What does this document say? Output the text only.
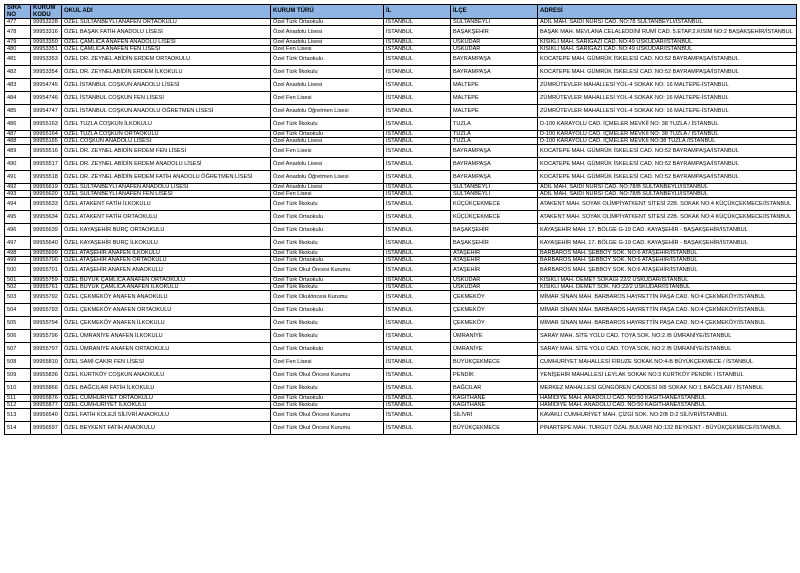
SIRA NO	KURUM KODU	OKUL ADI	KURUM TÜRÜ	İL	İLÇE	ADRESİ
477	99953228	ÖZEL SULTANBEYLİ ANAFEN ORTAOKULU	Özel Türk Ortaokulu	İSTANBUL	SULTANBEYLİ	ADİL MAH. SAİDİ NURSİ CAD. NO:78 SULTANBEYLİ/İSTANBUL
478	99953316	ÖZEL BAŞAK FATİH ANADOLU LİSESİ	Özel Anadolu Lisesi	İSTANBUL	BAŞAKŞEHİR	BAŞAK MAH. MEVLANA CELALEDDİNİ RUMİ CAD. 5.ETAP.2.KISIM NO:2 BAŞAKŞEHİR/İSTANBUL
479	99953350	ÖZEL ÇAMLICA ANAFEN ANADOLU LİSESİ	Özel Anadolu Lisesi	İSTANBUL	ÜSKÜDAR	KISIKLI MAH. SARIGAZİ CAD. NO:49 ÜSKÜDAR/İSTANBUL
480	99953351	ÖZEL ÇAMLICA ANAFEN FEN LİSESİ	Özel Fen Lisesi	İSTANBUL	ÜSKÜDAR	KISIKLI MAH. SARIGAZİ CAD. NO:49 ÜSKÜDAR/İSTANBUL
481	99953353	ÖZEL DR. ZEYNEL ABİDİN ERDEM ORTAOKULU	Özel Türk Ortaokulu	İSTANBUL	BAYRAMPAŞA	KOCATEPE MAH. GÜMRÜK İSKELESİ CAD. NO:52 BAYRAMPAŞA/İSTANBUL
482	99953354	ÖZEL DR. ZEYNELABİDİN ERDEM İLKOKULU	Özel Türk İlkokulu	İSTANBUL	BAYRAMPAŞA	KOCATEPE MAH. GÜMRÜK İSKELESİ CAD. NO:52 BAYRAMPAŞA/İSTANBUL
483	99954745	ÖZEL İSTANBUL COŞKUN ANADOLU LİSESİ	Özel Anadolu Lisesi	İSTANBUL	MALTEPE	ZÜMRÜTEVLER MAHALLESİ YOL-4 SOKAK NO: 16 MALTEPE-İSTANBUL
484	99954746	ÖZEL İSTANBUL COŞKUN FEN LİSESİ	Özel Fen Lisesi	İSTANBUL	MALTEPE	ZÜMRÜTEVLER MAHALLESİ YOL-4 SOKAK NO: 16 MALTEPE-İSTANBUL
485	99954747	ÖZEL İSTANBUL COŞKUN ANADOLU ÖĞRETMEN LİSESİ	Özel Anadolu Öğretmen Lisesi	İSTANBUL	MALTEPE	ZÜMRÜTEVLER MAHALLESİ YOL-4 SOKAK NO: 16 MALTEPE-İSTANBUL
486	99955163	ÖZEL TUZLA COŞKUN İLKOKULU	Özel Türk İlkokulu	İSTANBUL	TUZLA	D-100 KARAYOLU CAD. İÇMELER MEVKİİ NO: 38 TUZLA / İSTANBUL
487	99955164	ÖZEL TUZLA COŞKUN ORTAOKULU	Özel Türk Ortaokulu	İSTANBUL	TUZLA	D-100 KARAYOLU CAD. İÇMELER MEVKİİ NO: 38 TUZLA / İSTANBUL
488	99955165	ÖZEL COŞKUN ANADOLU LİSESİ	Özel Anadolu Lisesi	İSTANBUL	TUZLA	D-100 KARAYOLU CAD. İÇMELER MEVKİİ NO:38 TUZLA /İSTANBUL
489	99955516	ÖZEL DR. ZEYNEL ABİDİN ERDEM FEN LİSESİ	Özel Fen Lisesi	İSTANBUL	BAYRAMPAŞA	KOCATEPE MAH. GÜMRÜK İSKELESİ CAD. NO:52 BAYRAMPAŞA/İSTANBUL
490	99955517	ÖZEL DR. ZEYNEL ABİDİN ERDEM ANADOLU LİSESİ	Özel Anadolu Lisesi	İSTANBUL	BAYRAMPAŞA	KOCATEPE MAH. GÜMRÜK İSKELESİ CAD. NO:52 BAYRAMPAŞA/İSTANBUL
491	99955518	ÖZEL DR. ZEYNEL ABİDİN ERDEM FATİH ANADOLU ÖĞRETMEN LİSESİ	Özel Anadolu Öğretmen Lisesi	İSTANBUL	BAYRAMPAŞA	KOCATEPE MAH. GÜMRÜK İSKELESİ CAD. NO:52 BAYRAMPAŞA/İSTANBUL
492	99955619	ÖZEL SULTANBEYLİ ANAFEN ANADOLU LİSESİ	Özel Anadolu Lisesi	İSTANBUL	SULTANBEYLİ	ADİL MAH. SAİDİ NURSİ CAD. NO:78/B SULTANBEYLİ/İSTANBUL
493	99955620	ÖZEL SULTANBEYLİ ANAFEN FEN LİSESİ	Özel Fen Lisesi	İSTANBUL	SULTANBEYLİ	ADİL MAH. SAİDİ NURSİ CAD. NO:78/B SULTANBEYLİ/İSTANBUL
494	99955633	ÖZEL ATAKENT FATİH İLKOKULU	Özel Türk İlkokulu	İSTANBUL	KÜÇÜKÇEKMECE	ATAKENT MAH. SOYAK OLİMPİYATKENT SİTESİ 22B. SOKAK NO:4 KÜÇÜKÇEKMECE/İSTANBUL
495	99955634	ÖZEL ATAKENT FATİH ORTAOKULU	Özel Türk Ortaokulu	İSTANBUL	KÜÇÜKÇEKMECE	ATAKENT MAH. SOYAK OLİMPİYATKENT SİTESİ 22B. SOKAK NO:4 KÜÇÜKÇEKMECE/İSTANBUL
496	99955639	ÖZEL KAYAŞEHİR BURÇ ORTAOKULU	Özel Türk Ortaokulu	İSTANBUL	BAŞAKŞEHİR	KAYAŞEHİR MAH. 17. BÖLGE G-19 CAD. KAYAŞEHİR - BAŞAKŞEHİR/İSTANBUL
497	99955640	ÖZEL KAYAŞEHİR BURÇ İLKOKULU	Özel Türk İlkokulu	İSTANBUL	BAŞAKŞEHİR	KAYAŞEHİR MAH. 17. BÖLGE G-19 CAD. KAYAŞEHİR - BAŞAKŞEHİR/İSTANBUL
498	99955699	ÖZEL ATAŞEHİR ANAFEN İLKOKULU	Özel Türk İlkokulu	İSTANBUL	ATAŞEHİR	BARBAROS MAH. ŞEBBOY SOK. NO:6 ATAŞEHİR/İSTANBUL
499	99955700	ÖZEL ATAŞEHİR ANAFEN ORTAOKULU	Özel Türk Ortaokulu	İSTANBUL	ATAŞEHİR	BARBAROS MAH. ŞEBBOY SOK. NO:6 ATAŞEHİR/İSTANBUL
500	99955701	ÖZEL ATAŞEHİR ANAFEN ANAOKULU	Özel Türk Okul Öncesi Kurumu	İSTANBUL	ATAŞEHİR	BARBAROS MAH. ŞEBBOY SOK. NO:6 ATAŞEHİR/İSTANBUL
501	99955759	ÖZEL BÜYÜK ÇAMLICA ANAFEN ORTAOKULU	Özel Türk Ortaokulu	İSTANBUL	ÜSKÜDAR	KISIKLI MAH. DEMET SOKAĞI 22/2 ÜSKÜDAR/İSTANBUL
502	99955761	ÖZEL BÜYÜK ÇAMLICA ANAFEN İLKOKULU	Özel Türk İlkokulu	İSTANBUL	ÜSKÜDAR	KISIKLI MAH. DEMET SOK. NO:22/2 ÜSKÜDAR/İSTANBUL
503	99955792	ÖZEL ÇEKMEKÖY ANAFEN ANAOKULU	Özel Türk Okulöncesi Kurumu	İSTANBUL	ÇEKMEKÖY	MİMAR SİNAN MAH. BARBAROS HAYRETTİN PAŞA CAD. NO:4 ÇEKMEKÖY/İSTANBUL
504	99955793	ÖZEL ÇEKMEKÖY ANAFEN ORTAOKULU	Özel Türk Ortaokulu	İSTANBUL	ÇEKMEKÖY	MİMAR SİNAN MAH. BARBAROS HAYRETTİN PAŞA CAD. NO:4 ÇEKMEKÖY/İSTANBUL
505	99955794	ÖZEL ÇEKMEKÖY ANAFEN İLKOKULU	Özel Türk İlkokulu	İSTANBUL	ÇEKMEKÖY	MİMAR SİNAN MAH. BARBAROS HAYRETTİN PAŞA CAD. NO:4 ÇEKMEKÖY/İSTANBUL
506	99955796	ÖZEL ÜMRANİYE ANAFEN İLKOKULU	Özel Türk İlkokulu	İSTANBUL	ÜMRANİYE	SARAY MAH. SİTE YOLU CAD. TOYA SOK. NO:2 /B ÜMRANİYE/İSTANBUL
507	99955797	ÖZEL ÜMRANİYE ANAFEN ORTAOKULU	Özel Türk Ortaokulu	İSTANBUL	ÜMRANİYE	SARAY MAH. SİTE YOLU CAD. TOYA SOK. NO:2 /B ÜMRANİYE/İSTANBUL
508	99955810	ÖZEL SAMİ ÇAKIR FEN LİSESİ	Özel Fen Lisesi	İSTANBUL	BÜYÜKÇEKMECE	CUMHURİYET MAHALLESİ FİRUZE SOKAK NO:4-B BÜYÜKÇEKMECE / İSTANBUL
509	99955836	ÖZEL KURTKÖY COŞKUN ANAOKULU	Özel Türk Okul Öncesi Kurumu	İSTANBUL	PENDİK	YENİŞEHİR MAHALLESİ LEYLAK SOKAK NO:3 KURTKÖY PENDİK / İSTANBUL
510	99955866	ÖZEL BAĞCILAR FATİH İLKOKULU	Özel Türk İlkokulu	İSTANBUL	BAĞCILAR	MERKEZ MAHALLESİ GÜNGÖREN CADDESİ 9/8 SOKAK NO:1 BAĞCILAR / İSTANBUL
511	99955876	ÖZEL CUMHURİYET ORTAOKULU	Özel Türk Ortaokulu	İSTANBUL	KAĞITHANE	HAMİDİYE MAH. ANADOLU CAD. NO:50 KAĞITHANE/İSTANBUL
512	99955877	ÖZEL CUMHURİYET İLKOKULU	Özel Türk İlkokulu	İSTANBUL	KAĞITHANE	HAMİDİYE MAH. ANADOLU CAD. NO:50 KAĞITHANE/İSTANBUL
513	99956540	ÖZEL FATİH KOLEJİ SİLİVRİ ANAOKULU	Özel Türk Okul Öncesi Kurumu	İSTANBUL	SİLİVRİ	KAVAKLI CUMHURİYET MAH. ÇİZGİ SOK. NO:2/B D:2 SİLİVRİ/İSTANBUL
514	99956597	ÖZEL BEYKENT FATİH ANAOKULU	Özel Türk Okul Öncesi Kurumu	İSTANBUL	BÜYÜKÇEKMECE	PINARTEPE MAH. TURGUT ÖZAL BULVARI NO:132 BEYKENT - BÜYÜKÇEKMECE/İSTANBUL
